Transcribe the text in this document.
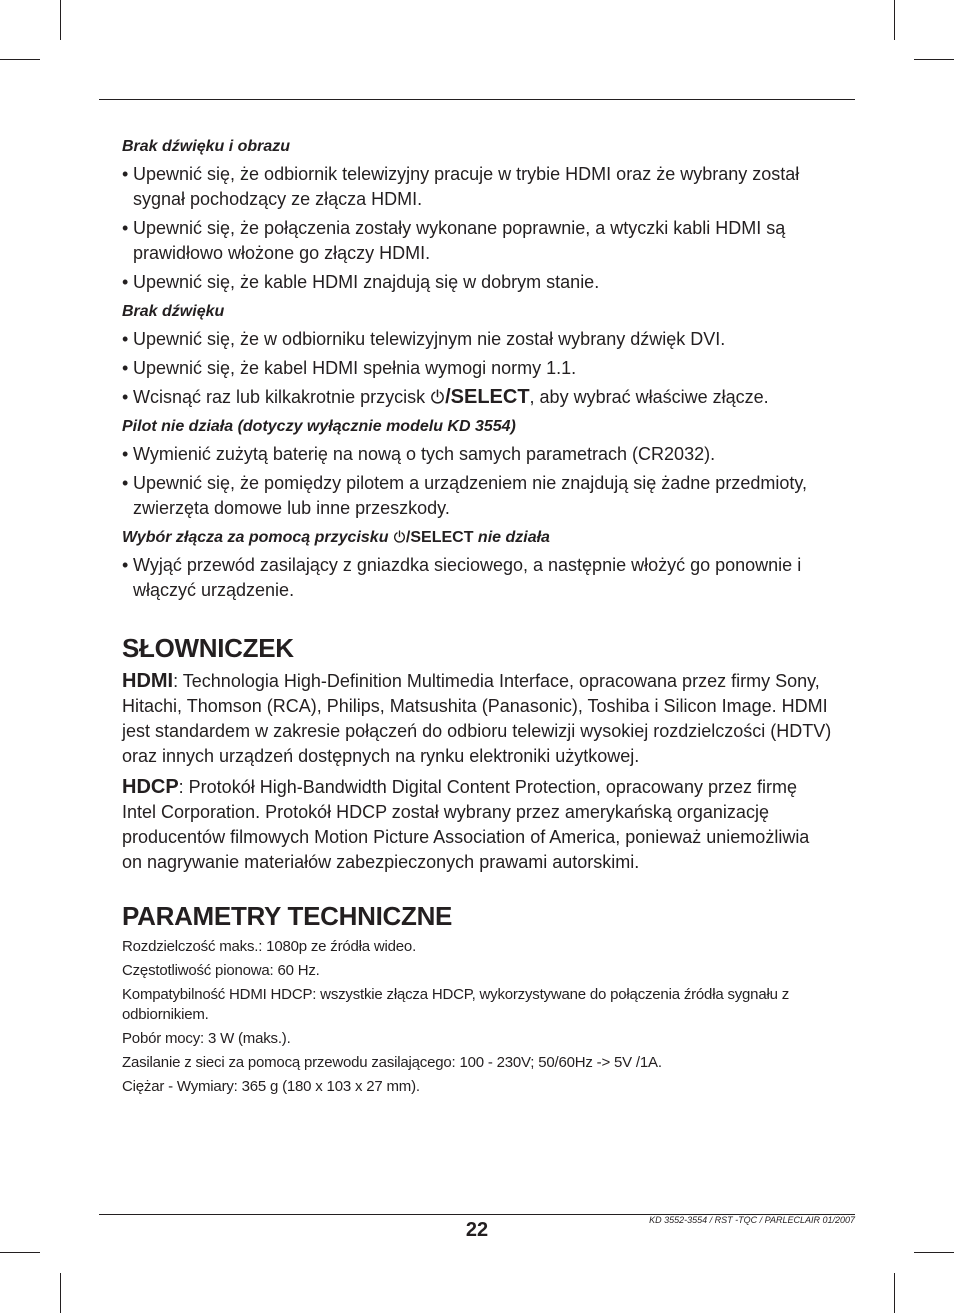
Brak dźwięku i obrazu

• Upewnić się, że odbiornik telewizyjny pracuje w trybie HDMI oraz że wybrany został sygnał pochodzący ze złącza HDMI.
• Upewnić się, że połączenia zostały wykonane poprawnie, a wtyczki kabli HDMI są prawidłowo włożone go złączy HDMI.
• Upewnić się, że kable HDMI znajdują się w dobrym stanie.

Brak dźwięku

• Upewnić się, że w odbiorniku telewizyjnym nie został wybrany dźwięk DVI.
• Upewnić się, że kabel HDMI spełnia wymogi normy 1.1.
• Wcisnąć raz lub kilkakrotnie przycisk /SELECT, aby wybrać właściwe złącze.

Pilot nie działa (dotyczy wyłącznie modelu KD 3554)

• Wymienić zużytą baterię na nową o tych samych parametrach (CR2032).
• Upewnić się, że pomiędzy pilotem a urządzeniem nie znajdują się żadne przedmioty, zwierzęta domowe lub inne przeszkody.

Wybór złącza za pomocą przycisku /SELECT nie działa

• Wyjąć przewód zasilający z gniazdka sieciowego, a następnie włożyć go ponownie i włączyć urządzenie.
SŁOWNICZEK

HDMI: Technologia High-Definition Multimedia Interface, opracowana przez firmy Sony, Hitachi, Thomson (RCA), Philips, Matsushita (Panasonic), Toshiba i Silicon Image. HDMI jest standardem w zakresie połączeń do odbioru telewizji wysokiej rozdzielczości (HDTV) oraz innych urządzeń dostępnych na rynku elektroniki użytkowej.

HDCP: Protokół High-Bandwidth Digital Content Protection, opracowany przez firmę Intel Corporation. Protokół HDCP został wybrany przez amerykańską organizację producentów filmowych Motion Picture Association of America, ponieważ uniemożliwia on nagrywanie materiałów zabezpieczonych prawami autorskimi.

PARAMETRY TECHNICZNE

Rozdzielczość maks.: 1080p ze źródła wideo.

Częstotliwość pionowa: 60 Hz.

Kompatybilność HDMI HDCP: wszystkie złącza HDCP, wykorzystywane do połączenia źródła sygnału z odbiornikiem.

Pobór mocy: 3 W (maks.).

Zasilanie z sieci za pomocą przewodu zasilającego: 100 - 230V; 50/60Hz -> 5V /1A.

Ciężar - Wymiary: 365 g (180 x 103 x 27 mm).

KD 3552-3554 / RST -TQC / PARLECLAIR 01/2007
22
